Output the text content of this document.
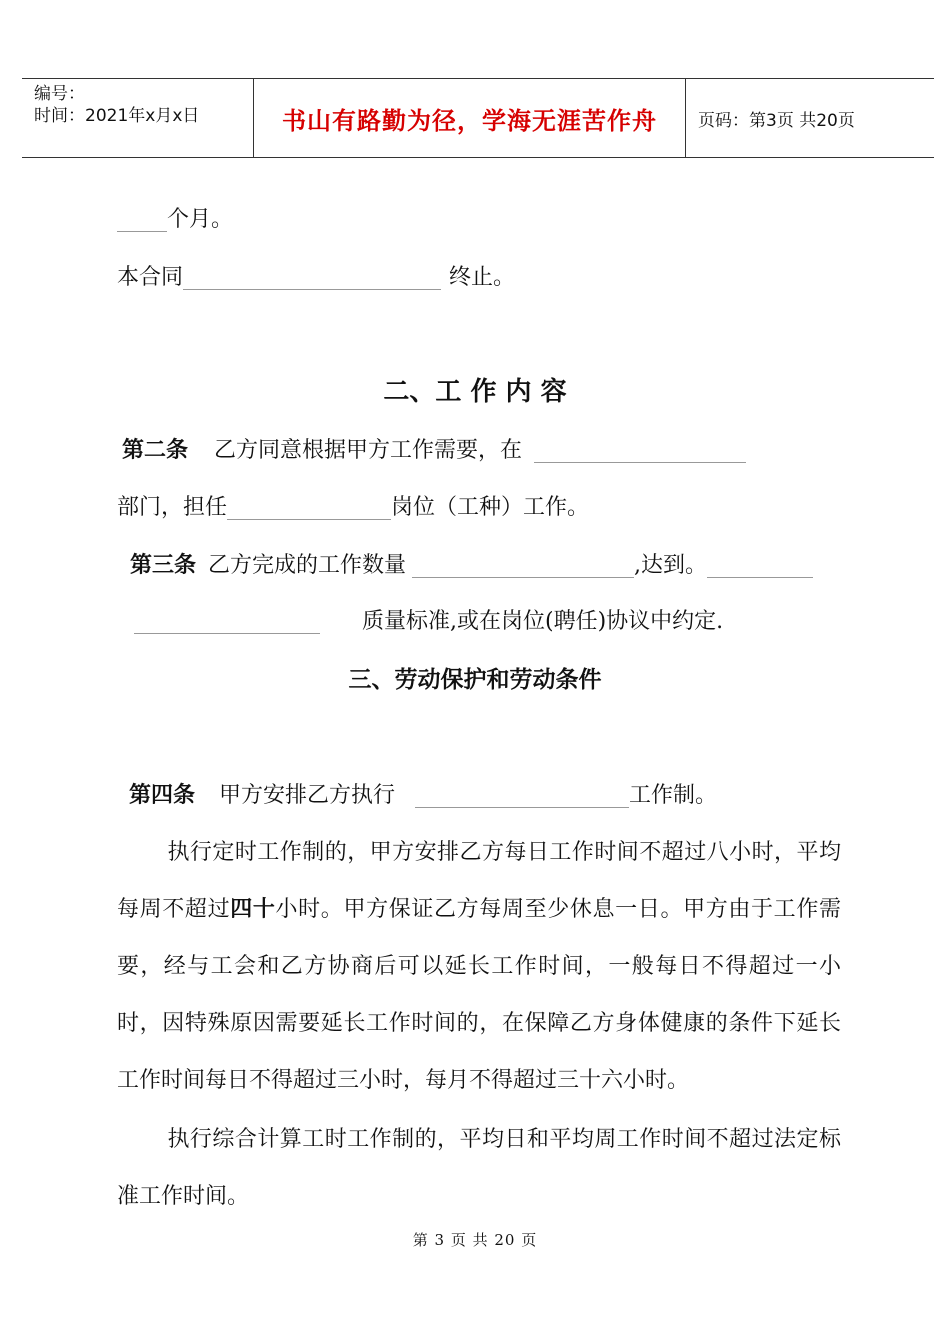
编号：
时间：2021年x月x日	书山有路勤为径，学海无涯苦作舟	页码：第3页 共20页
个月。
本合同	终止。
二、工 作 内 容
第二条 乙方同意根据甲方工作需要，在
部门，担任	岗位（工种）工作。
第三条 乙方完成的工作数量	,达到。
质量标准,或在岗位(聘任)协议中约定.
三、劳动保护和劳动条件
第四条 甲方安排乙方执行	工作制。
执行定时工作制的，甲方安排乙方每日工作时间不超过八小时，平均每周不超过四十小时。甲方保证乙方每周至少休息一日。甲方由于工作需要，经与工会和乙方协商后可以延长工作时间，一般每日不得超过一小时，因特殊原因需要延长工作时间的，在保障乙方身体健康的条件下延长工作时间每日不得超过三小时，每月不得超过三十六小时。
执行综合计算工时工作制的，平均日和平均周工作时间不超过法定标准工作时间。
第 3 页 共 20 页
